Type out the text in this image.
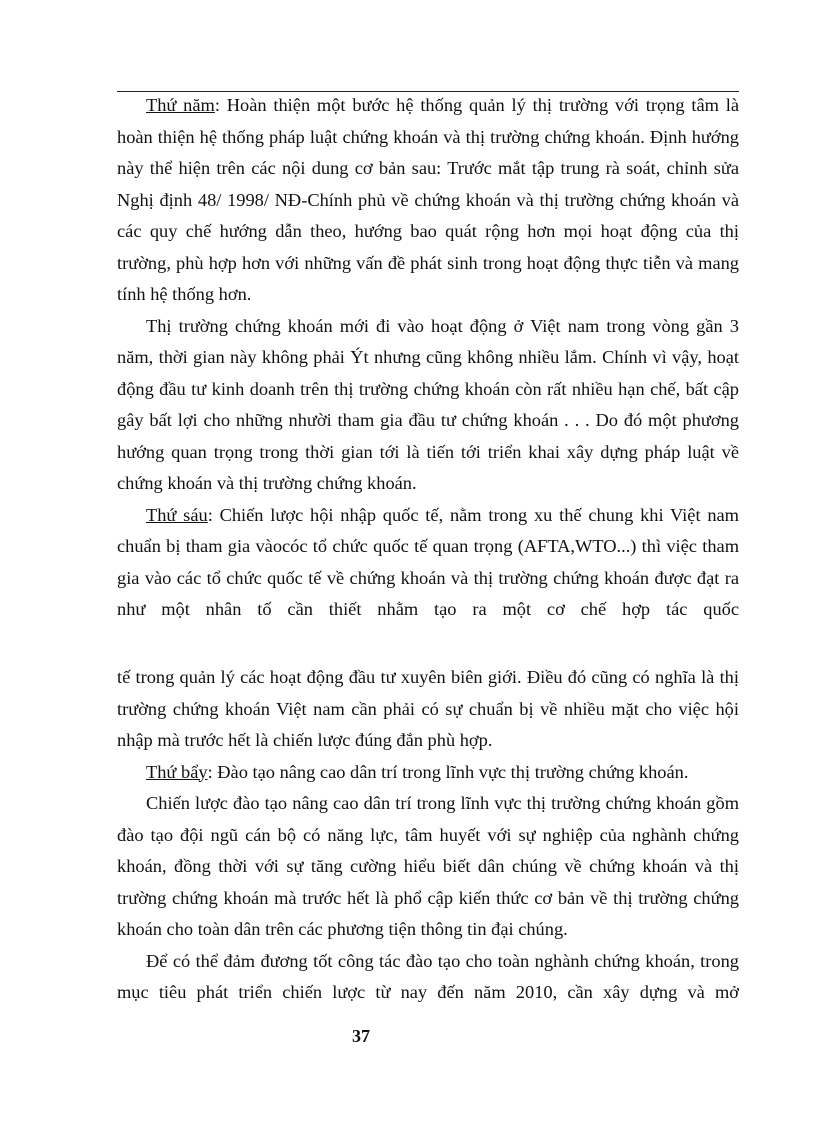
Thứ năm: Hoàn thiện một bước hệ thống quản lý thị trường với trọng tâm là hoàn thiện hệ thống pháp luật chứng khoán và thị trường chứng khoán. Định hướng này thể hiện trên các nội dung cơ bản sau: Trước mắt tập trung rà soát, chỉnh sửa Nghị định 48/ 1998/ NĐ-Chính phủ về chứng khoán và thị trường chứng khoán và các quy chế hướng dẫn theo, hướng bao quát rộng hơn mọi hoạt động của thị trường, phù hợp hơn với những vấn đề phát sinh trong hoạt động thực tiễn và mang tính hệ thống hơn.

Thị trường chứng khoán mới đi vào hoạt động ở Việt nam trong vòng gần 3 năm, thời gian này không phải Ýt nhưng cũng không nhiều lắm. Chính vì vậy, hoạt động đầu tư kinh doanh trên thị trường chứng khoán còn rất nhiều hạn chế, bất cập gây bất lợi cho những nhười tham gia đầu tư chứng khoán . . . Do đó một phương hướng quan trọng trong thời gian tới là tiến tới triển khai xây dựng pháp luật về chứng khoán và thị trường chứng khoán.

Thứ sáu: Chiến lược hội nhập quốc tế, nằm trong xu thế chung khi Việt nam chuẩn bị tham gia vàocóc tổ chức quốc tế quan trọng (AFTA,WTO...) thì việc tham gia vào các tổ chức quốc tế về chứng khoán và thị trường chứng khoán được đạt ra như một nhân tố cần thiết nhằm tạo ra một cơ chế hợp tác quốc

tế trong quản lý các hoạt động đầu tư xuyên biên giới. Điều đó cũng có nghĩa là thị trường chứng khoán Việt nam cần phải có sự chuẩn bị về nhiều mặt cho việc hội nhập mà trước hết là chiến lược đúng đắn phù hợp.

Thứ bẩy: Đào tạo nâng cao dân trí trong lĩnh vực thị trường chứng khoán.

Chiến lược đào tạo nâng cao dân trí trong lĩnh vực thị trường chứng khoán gồm đào tạo đội ngũ cán bộ có năng lực, tâm huyết với sự nghiệp của nghành chứng khoán, đồng thời với sự tăng cường hiểu biết dân chúng về chứng khoán và thị trường chứng khoán mà trước hết là phổ cập kiến thức cơ bản về thị trường chứng khoán cho toàn dân trên các phương tiện thông tin đại chúng.

Để có thể đảm đương tốt công tác đào tạo cho toàn nghành chứng khoán, trong mục tiêu phát triển chiến lược từ nay đến năm 2010, cần xây dựng và mở

37
